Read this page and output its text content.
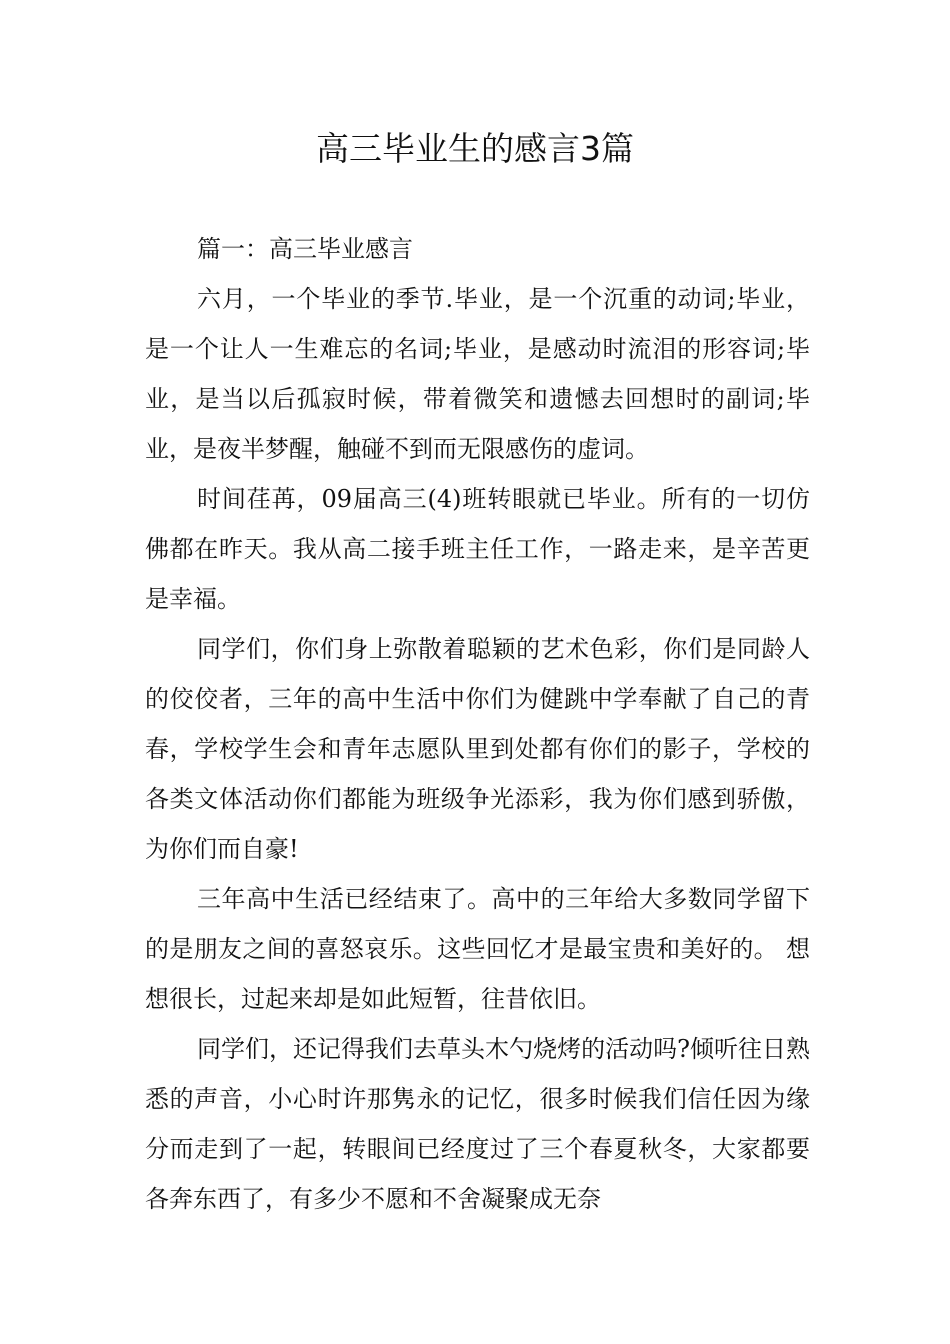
高三毕业生的感言3篇

篇一：高三毕业感言

六月，一个毕业的季节.毕业，是一个沉重的动词;毕业，是一个让人一生难忘的名词;毕业，是感动时流泪的形容词;毕业，是当以后孤寂时候，带着微笑和遗憾去回想时的副词;毕业，是夜半梦醒，触碰不到而无限感伤的虚词。

时间荏苒，09届高三(4)班转眼就已毕业。所有的一切仿佛都在昨天。我从高二接手班主任工作，一路走来，是辛苦更是幸福。

同学们，你们身上弥散着聪颖的艺术色彩，你们是同龄人的佼佼者，三年的高中生活中你们为健跳中学奉献了自己的青春，学校学生会和青年志愿队里到处都有你们的影子，学校的各类文体活动你们都能为班级争光添彩，我为你们感到骄傲，为你们而自豪!

三年高中生活已经结束了。高中的三年给大多数同学留下的是朋友之间的喜怒哀乐。这些回忆才是最宝贵和美好的。 想想很长，过起来却是如此短暂，往昔依旧。

同学们，还记得我们去草头木勺烧烤的活动吗?倾听往日熟悉的声音，小心时许那隽永的记忆，很多时候我们信任因为缘分而走到了一起，转眼间已经度过了三个春夏秋冬，大家都要各奔东西了，有多少不愿和不舍凝聚成无奈
